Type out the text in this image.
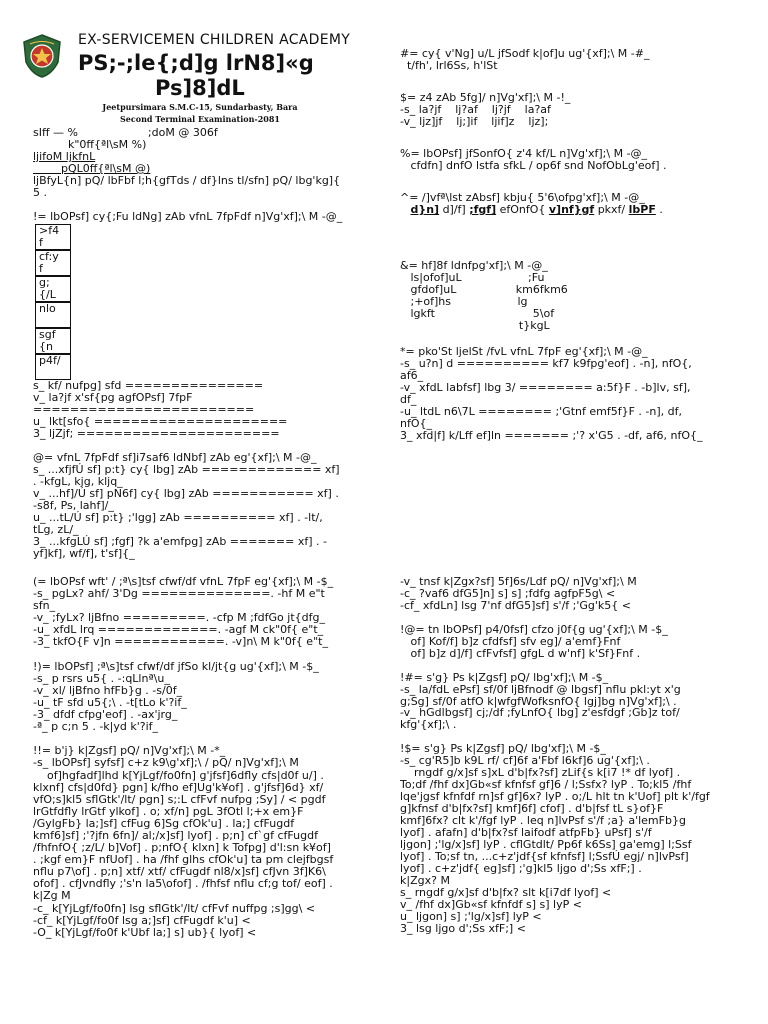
EX-SERVICEMEN CHILDREN ACADEMY
PS;-;le{;d]g lrN8]«g
Ps]8]dL
Jeetpursimara S.M.C-15, Sundarbasty, Bara
Second Terminal Examination-2081
sIff — %                    ;doM @ 306f
k"0ff{ªl\sM %)
ljifoM ljkfnL
pQL0ff{ªl\sM @)
ljBfyL{n] pQ/ lbFbf l;h{gfTds / df}lns tl/sfn] pQ/ lbg'kg]{
5 .

!= lbOPsf] cy{;Fu ldNg] zAb vfnL 7fpFdf n]Vg'xf];\ M -@_
>f4
f
cf:y
f
g;
{/L
nlo
sgf
{n
p4f/
s_ kf/ nufpg] sfd ===============
v_ la?jf x'sf{pg agfOPsf] 7fpF
========================
u_ lkt[sfo{ =====================
3_ ljZjf; ======================

@= vfnL 7fpFdf sf]i7saf6 ldNbf] zAb eg'{xf];\ M -@_
s_ ...xfjfÚ sf] p:t} cy{ lbg] zAb ============= xf]
. -kfgL, kjg, kljq_
v_ ...hf]/Ú sf] pN6f] cy{ lbg] zAb =========== xf] .
-s8f, Ps, lahf]/_
u_ ...tL/Ú sf] p:t} ;'lgg] zAb ========== xf] . -lt/,
tLg, zL/_
3_ ...kfgLÚ sf] ;fgf] ?k a'emfpg] zAb ======= xf] . -
yf]kf], wf/f], t'sf]{_
(= lbOPsf wft' / ;ª\s]tsf cfwf/df vfnL 7fpF eg'{xf];\ M -$_
-s_ pgLx? ahf/ 3'Dg ==============. -hf M e"t
sfn_
-v_ ;fyLx? ljBfno =========. -cfp M ;fdfGo jt{dfg_
-u_ xfdL lrq =============. -agf M ck"0f{ e"t_
-3_ tkfO{F v]n ============. -v]n\ M k"0f{ e"t_

!)= lbOPsf] ;ª\s]tsf cfwf/df jfSo kl/jt{g ug'{xf];\ M -$_
-s_ p rsrs u5{ . -:qLlnª\u_
-v_ xl/ ljBfno hfFb}g . -s/0f_
-u_ tF sfd u5{;\ . -t[tLo k'?if_
-3_ dfdf cfpg'eof] . -ax'jrg_
-ª_ p c;n 5 . -k|yd k'?if_

!!= b'j} k|Zgsf] pQ/ n]Vg'xf];\ M -*_
-s_ lbOPsf] syfsf] c+z k9\g'xf];\ / pQ/ n]Vg'xf];\ M
of]hgfadf]lhd k[YjLgf/fo0fn] g'jfsf]6dfly cfs|d0f u/] .
klxnf] cfs|d0fd} pgn] k/fho ef]Ug'k¥of] . g'jfsf]6d} xf/
vfO;s]kl5 sflGtk'/lt/ pgn] s;:L cfFvf nufpg ;Sy] / < pgdf
lrGtfdfly lrGtf ylkof] . o; xf/n] pgL 3fOtl l;+x em}F
/GylgFb} la;]sf] cfFug 6]Sg cfOk'u] . la;] cfFugdf
kmf6]sf] ;'?jfn 6fn]/ al;/x]sf] lyof] . p;n] cf`gf cfFugdf
/fhfnfO{ ;z/L/ b]Vof] . p;nfO{ klxn] k Tofpg] d'l:sn k¥of]
. ;kgf em}F nfUof] . ha /fhf glhs cfOk'u] ta pm clejfbgsf
nflu p7\of] . p;n] xtf/ xtf/ cfFugdf nl8/x]sf] cfJvn 3f]K6\
ofof] . cfJvndfly ;'s'n la5\ofof] . /fhfsf nflu cf;g tof/ eof] .
k|Zg M
-c_ k[YjLgf/fo0fn] lsg sflGtk'/lt/ cfFvf nuffpg ;s]gg\ <
-cf_ k[YjLgf/fo0f lsg a;]sf] cfFugdf k'u] <
-O_ k[YjLgf/fo0f k'Ubf la;] s] ub}{ lyof] <
#= cy{ v'Ng] u/L jfSodf k|of]u ug'{xf];\ M -#_
t/fh', lrl6Ss, h'lSt
$= z4 zAb 5fg]/ n]Vg'xf];\ M -!_
-s_ la?jf    lj?af    lj?jf    la?af
-v_ ljz]jf    lj;]if    ljif]z    ljz];
%= lbOPsf] jfSonfO{ z'4 kf/L n]Vg'xf];\ M -@_
cfdfn] dnfO lstfa sfkL / op6f snd NofObLg'eof] .
^= /]vfª\lst zAbsf] kbju{ 5'6\ofpg'xf];\ M -@_
d}n] d]/f] ;fgf] efOnfO{ v]nf}gf pkxf/ lbPF .
&= hf]8f ldnfpg'xf];\ M -@_
ls|ofof]uL                   ;Fu
gfdof]uL                 km6fkm6
;+of]hs                   lg
lgkft                            5\of
t}kgL
*= pko'St ljelSt /fvL vfnL 7fpF eg'{xf];\ M -@_
-s_ u?n] d ========== kf7 k9fpg'eof] . -n], nfO{,
af6_
-v_ xfdL labfsf] lbg 3/ ======== a:5f}F . -b]lv, sf],
df_
-u_ ltdL n6\7L ======== ;'Gtnf emf5f}F . -n], df,
nfO{_
3_ xfd|f] k/Lff ef]ln ======= ;'? x'G5 . -df, af6, nfO{_
-v_ tnsf k|Zgx?sf] 5f]6s/Ldf pQ/ n]Vg'xf];\ M
-c_ ?vaf6 dfG5]n] s] s] ;fdfg agfpF5g\ <
-cf_ xfdLn] lsg 7'nf dfG5]sf] s'/f ;'Gg'k5{ <

!@= tn lbOPsf] p4/0fsf] cfzo j0f{g ug'{xf];\ M -$_
of] Kof/f] b]z cfdfsf] sfv eg]/ a'emf}Fnf
of] b]z d]/f] cfFvfsf] gfgL d w'nf] k'Sf}Fnf .

!#= s'g} Ps k|Zgsf] pQ/ lbg'xf];\ M -$_
-s_ la/fdL ePsf] sf/0f ljBfnodf @ lbgsf] nflu pkl:yt x'g
g;Sg] sf/0f atfO k|wfgfWofksnfO{ lgj]bg n]Vg'xf];\ .
-v_ hGdlbgsf] cj;/df ;fyLnfO{ lbg] z'esfdgf ;Gb]z tof/
kfg'{xf];\ .

!$= s'g} Ps k|Zgsf] pQ/ lbg'xf];\ M -$_
-s_ cg'R5]b k9L rf/ cf]6f a'Fbf l6kf]6 ug'{xf];\ .
rngdf g/x]sf s]xL d'b|fx?sf] zLif{s k[i7 !* df lyof] .
To;df /fhf dx]Gb«sf kfnfsf gf]6 / l;Ssfx? lyP . To;kl5 /fhf
lqe'jgsf kfnfdf rn]sf gf]6x? lyP . o;/L hlt tn k'Uof] plt k'/fgf
g]kfnsf d'b|fx?sf] kmf]6f] cfof] . d'b|fsf tL s}of}F
kmf]6fx? clt k'/fgf lyP . leq n]lvPsf s'/f ;a} a'lemFb}g
lyof] . afafn] d'b|fx?sf laifodf atfpFb} uPsf] s'/f
ljgon] ;'lg/x]sf] lyP . cflGtdlt/ Pp6f k6Ss] ga'emg] l;Ssf
lyof] . To;sf tn, ...c+z'jdf{sf kfnfsf] l;SsfÚ egj/ n]lvPsf]
lyof] . c+z'jdf{ eg]sf] ;'g]kl5 ljgo d';Ss xfF;] .
k|Zgx? M
s_ rngdf g/x]sf d'b|fx? slt k[i7df lyof] <
v_ /fhf dx]Gb«sf kfnfdf s] s] lyP <
u_ ljgon] s] ;'lg/x]sf] lyP <
3_ lsg ljgo d';Ss xfF;] <
